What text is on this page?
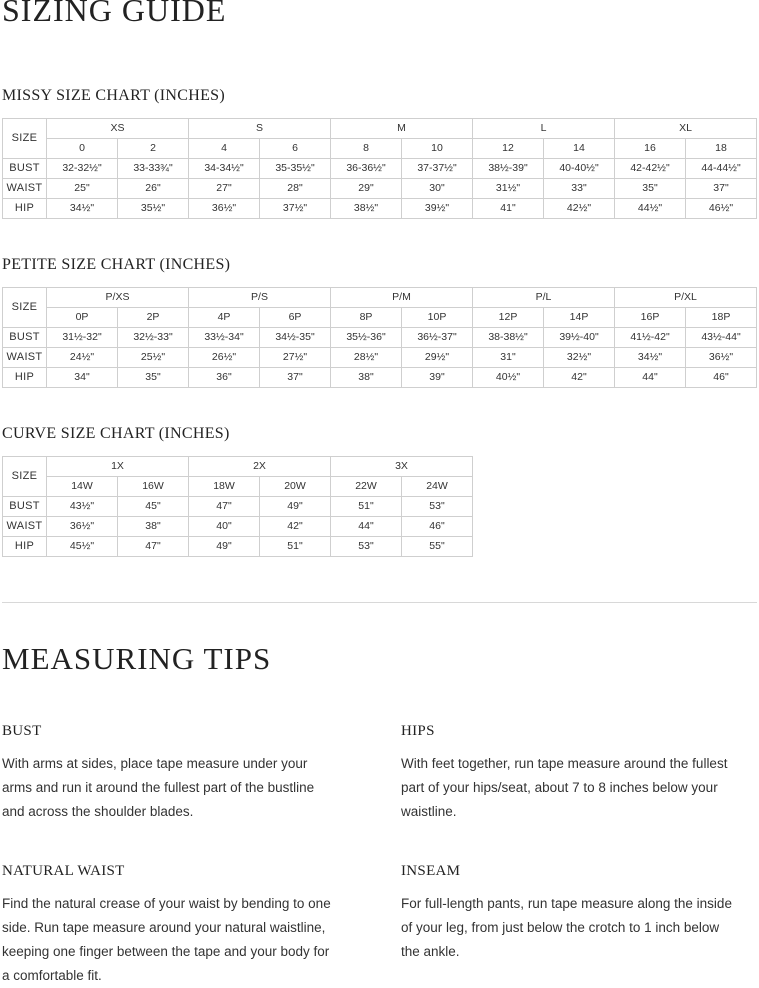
SIZING GUIDE
MISSY SIZE CHART (INCHES)
SIZE	XS		S		M		L		XL	
	0	2	4	6	8	10	12	14	16	18
BUST	32-32½"	33-33¾"	34-34½"	35-35½"	36-36½"	37-37½"	38½-39"	40-40½"	42-42½"	44-44½"
WAIST	25"	26"	27"	28"	29"	30"	31½"	33"	35"	37"
HIP	34½"	35½"	36½"	37½"	38½"	39½"	41"	42½"	44½"	46½"
PETITE SIZE CHART (INCHES)
SIZE	P/XS		P/S		P/M		P/L		P/XL	
	0P	2P	4P	6P	8P	10P	12P	14P	16P	18P
BUST	31½-32"	32½-33"	33½-34"	34½-35"	35½-36"	36½-37"	38-38½"	39½-40"	41½-42"	43½-44"
WAIST	24½"	25½"	26½"	27½"	28½"	29½"	31"	32½"	34½"	36½"
HIP	34"	35"	36"	37"	38"	39"	40½"	42"	44"	46"
CURVE SIZE CHART (INCHES)
SIZE	1X		2X		3X	
	14W	16W	18W	20W	22W	24W
BUST	43½"	45"	47"	49"	51"	53"
WAIST	36½"	38"	40"	42"	44"	46"
HIP	45½"	47"	49"	51"	53"	55"
MEASURING TIPS
BUST

With arms at sides, place tape measure under your arms and run it around the fullest part of the bustline and across the shoulder blades.

HIPS

With feet together, run tape measure around the fullest part of your hips/seat, about 7 to 8 inches below your waistline.

NATURAL WAIST

Find the natural crease of your waist by bending to one side. Run tape measure around your natural waistline, keeping one finger between the tape and your body for a comfortable fit.

INSEAM

For full-length pants, run tape measure along the inside of your leg, from just below the crotch to 1 inch below the ankle.
